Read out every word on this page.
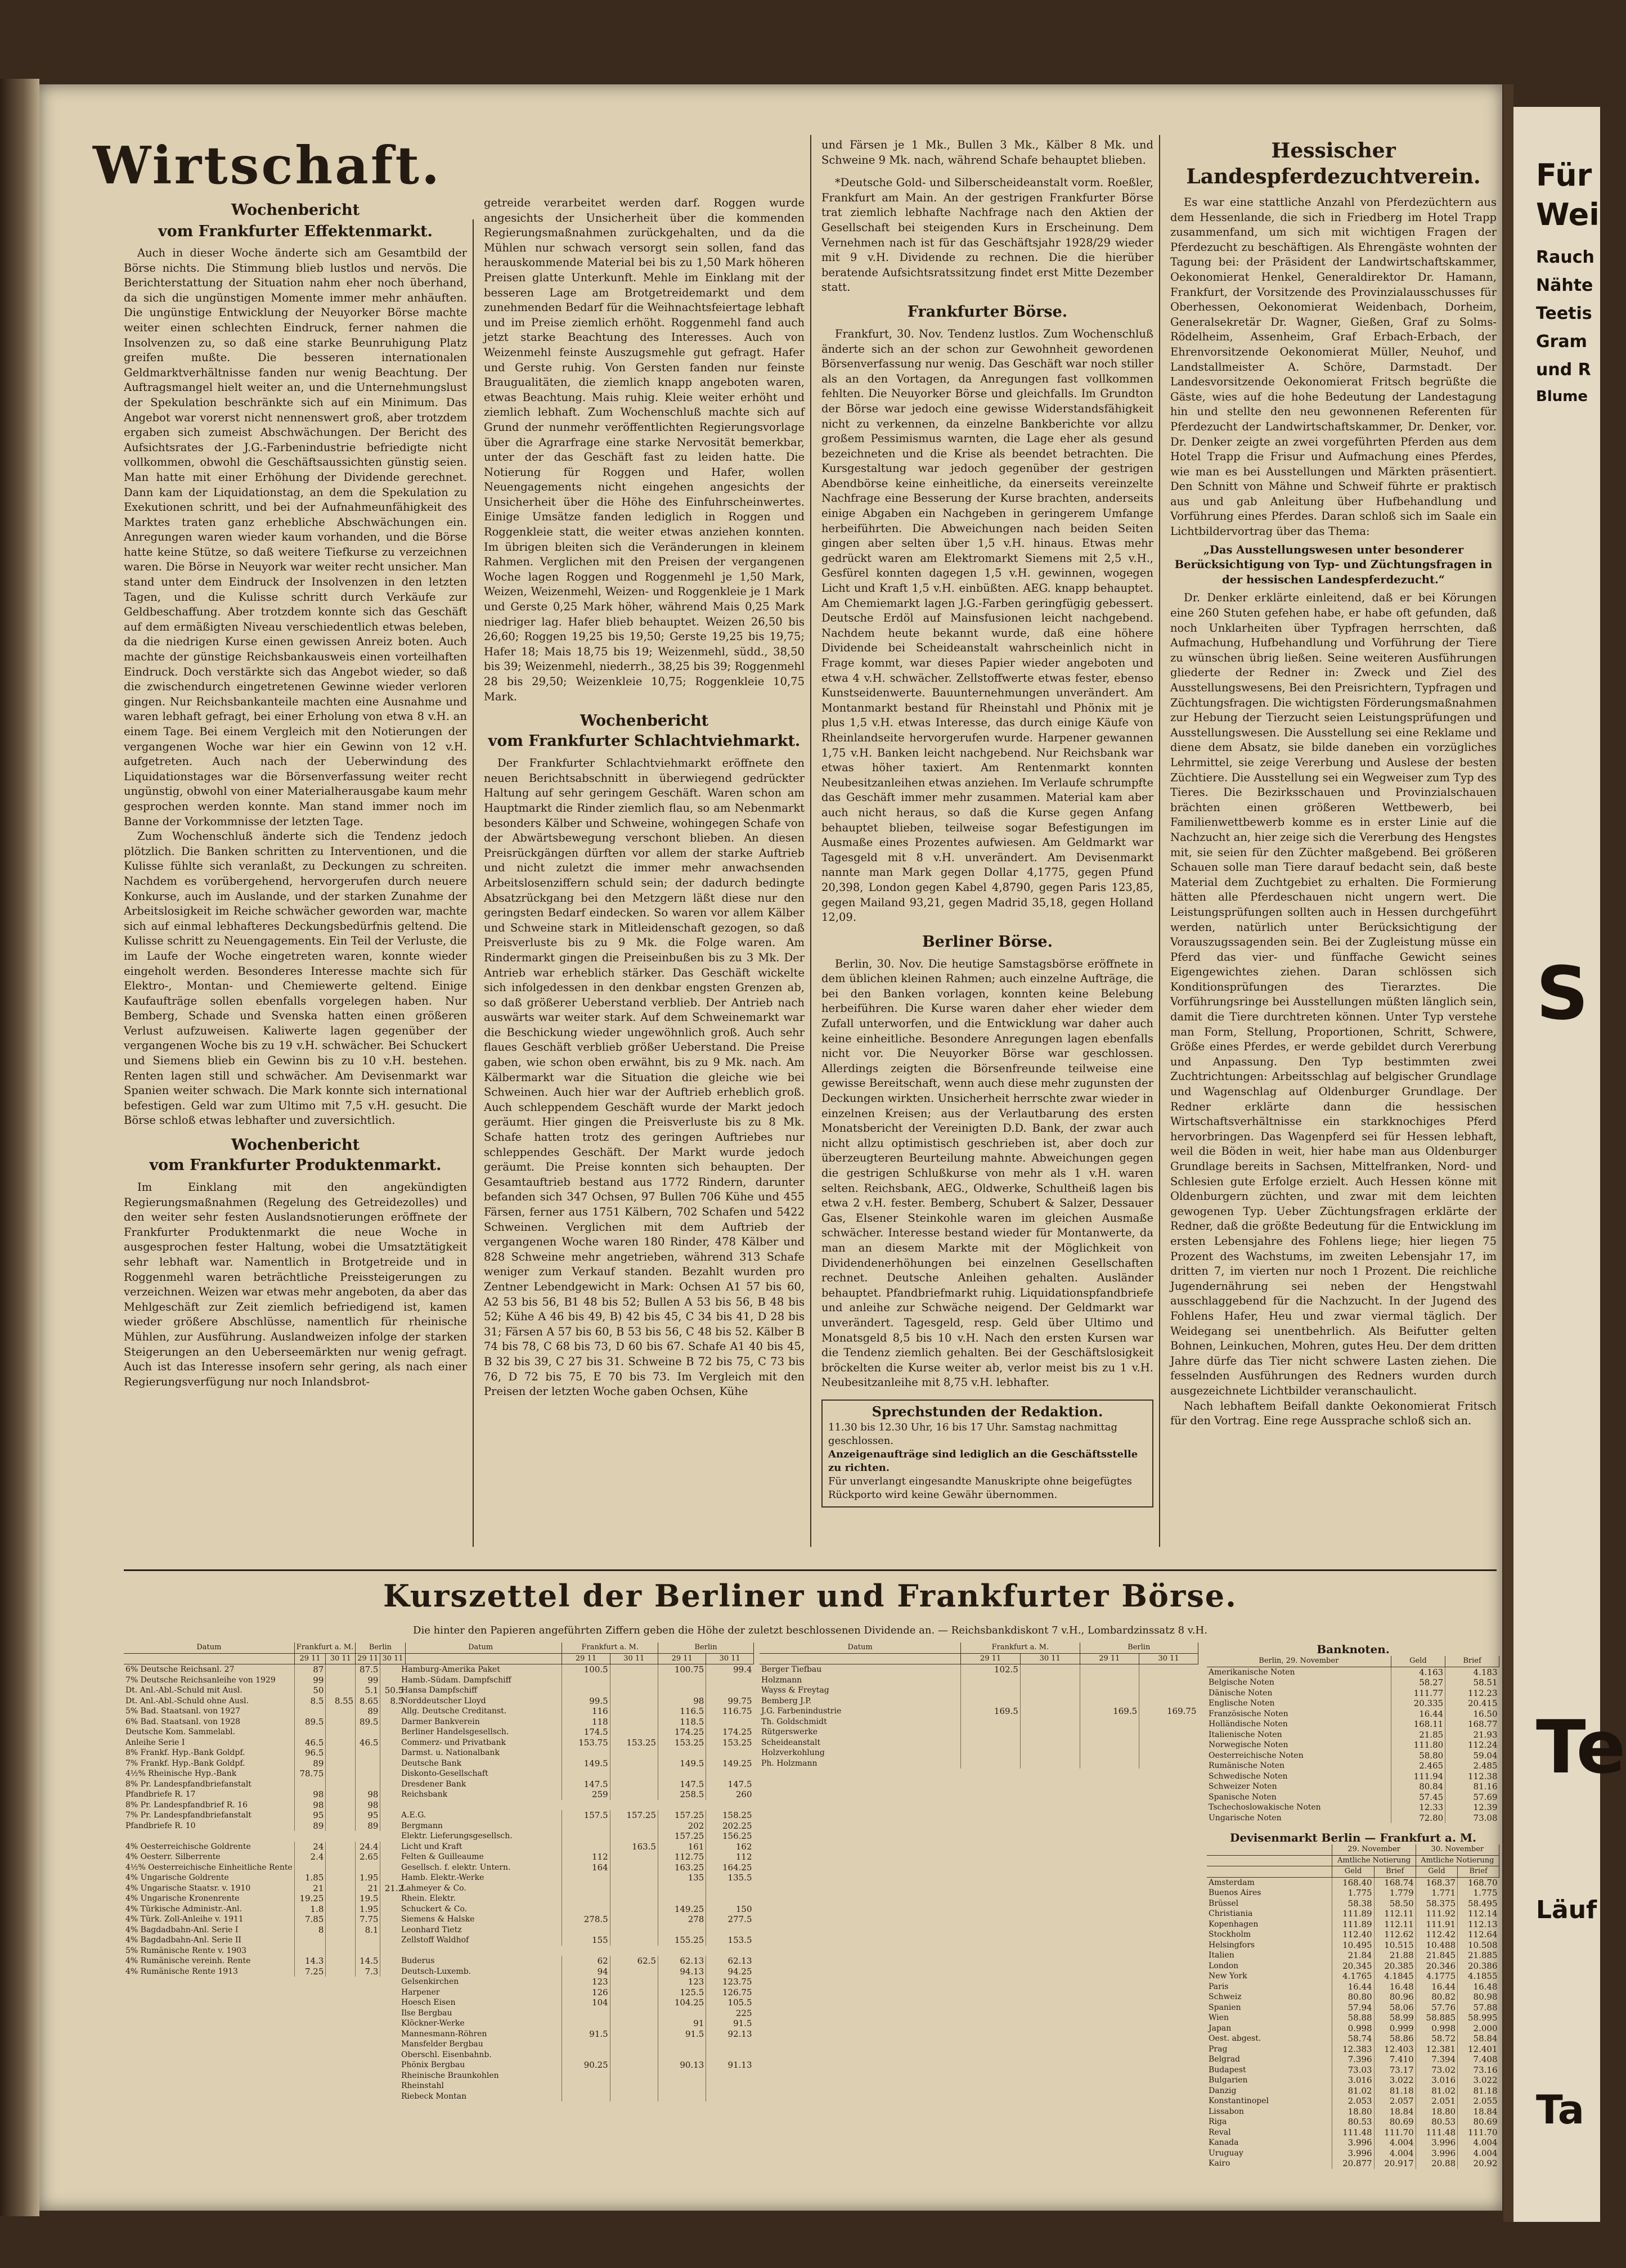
Wirtschaft.
Wochenbericht
vom Frankfurter Effektenmarkt.

Auch in dieser Woche änderte sich am Gesamtbild der Börse nichts. Die Stimmung blieb lustlos und nervös. Die Berichterstattung der Situation nahm eher noch überhand, da sich die ungünstigen Momente immer mehr anhäuften. Die ungünstige Entwicklung der Neuyorker Börse machte weiter einen schlechten Eindruck, ferner nahmen die Insolvenzen zu, so daß eine starke Beunruhigung Platz greifen mußte. Die besseren internationalen Geldmarktverhältnisse fanden nur wenig Beachtung. Der Auftragsmangel hielt weiter an, und die Unternehmungslust der Spekulation beschränkte sich auf ein Minimum. Das Angebot war vorerst nicht nennenswert groß, aber trotzdem ergaben sich zumeist Abschwächungen. Der Bericht des Aufsichtsrates der J.G.-Farbenindustrie befriedigte nicht vollkommen, obwohl die Geschäftsaussichten günstig seien. Man hatte mit einer Erhöhung der Dividende gerechnet. Dann kam der Liquidationstag, an dem die Spekulation zu Exekutionen schritt, und bei der Aufnahmeunfähigkeit des Marktes traten ganz erhebliche Abschwächungen ein. Anregungen waren wieder kaum vorhanden, und die Börse hatte keine Stütze, so daß weitere Tiefkurse zu verzeichnen waren. Die Börse in Neuyork war weiter recht unsicher. Man stand unter dem Eindruck der Insolvenzen in den letzten Tagen, und die Kulisse schritt durch Verkäufe zur Geldbeschaffung. Aber trotzdem konnte sich das Geschäft auf dem ermäßigten Niveau verschiedentlich etwas beleben, da die niedrigen Kurse einen gewissen Anreiz boten. Auch machte der günstige Reichsbankausweis einen vorteilhaften Eindruck. Doch verstärkte sich das Angebot wieder, so daß die zwischendurch eingetretenen Gewinne wieder verloren gingen. Nur Reichsbankanteile machten eine Ausnahme und waren lebhaft gefragt, bei einer Erholung von etwa 8 v.H. an einem Tage. Bei einem Vergleich mit den Notierungen der vergangenen Woche war hier ein Gewinn von 12 v.H. aufgetreten. Auch nach der Ueberwindung des Liquidationstages war die Börsenverfassung weiter recht ungünstig, obwohl von einer Materialherausgabe kaum mehr gesprochen werden konnte. Man stand immer noch im Banne der Vorkommnisse der letzten Tage.

Zum Wochenschluß änderte sich die Tendenz jedoch plötzlich. Die Banken schritten zu Interventionen, und die Kulisse fühlte sich veranlaßt, zu Deckungen zu schreiten. Nachdem es vorübergehend, hervorgerufen durch neuere Konkurse, auch im Auslande, und der starken Zunahme der Arbeitslosigkeit im Reiche schwächer geworden war, machte sich auf einmal lebhafteres Deckungsbedürfnis geltend. Die Kulisse schritt zu Neuengagements. Ein Teil der Verluste, die im Laufe der Woche eingetreten waren, konnte wieder eingeholt werden. Besonderes Interesse machte sich für Elektro-, Montan- und Chemiewerte geltend. Einige Kaufaufträge sollen ebenfalls vorgelegen haben. Nur Bemberg, Schade und Svenska hatten einen größeren Verlust aufzuweisen. Kaliwerte lagen gegenüber der vergangenen Woche bis zu 19 v.H. schwächer. Bei Schuckert und Siemens blieb ein Gewinn bis zu 10 v.H. bestehen. Renten lagen still und schwächer. Am Devisenmarkt war Spanien weiter schwach. Die Mark konnte sich international befestigen. Geld war zum Ultimo mit 7,5 v.H. gesucht. Die Börse schloß etwas lebhafter und zuversichtlich.

Wochenbericht
vom Frankfurter Produktenmarkt.

Im Einklang mit den angekündigten Regierungsmaßnahmen (Regelung des Getreidezolles) und den weiter sehr festen Auslandsnotierungen eröffnete der Frankfurter Produktenmarkt die neue Woche in ausgesprochen fester Haltung, wobei die Umsatztätigkeit sehr lebhaft war. Namentlich in Brotgetreide und in Roggenmehl waren beträchtliche Preissteigerungen zu verzeichnen. Weizen war etwas mehr angeboten, da aber das Mehlgeschäft zur Zeit ziemlich befriedigend ist, kamen wieder größere Abschlüsse, namentlich für rheinische Mühlen, zur Ausführung. Auslandweizen infolge der starken Steigerungen an den Ueberseemärkten nur wenig gefragt. Auch ist das Interesse insofern sehr gering, als nach einer Regierungsverfügung nur noch Inlandsbrot-

getreide verarbeitet werden darf. Roggen wurde angesichts der Unsicherheit über die kommenden Regierungsmaßnahmen zurückgehalten, und da die Mühlen nur schwach versorgt sein sollen, fand das herauskommende Material bei bis zu 1,50 Mark höheren Preisen glatte Unterkunft. Mehle im Einklang mit der besseren Lage am Brotgetreidemarkt und dem zunehmenden Bedarf für die Weihnachtsfeiertage lebhaft und im Preise ziemlich erhöht. Roggenmehl fand auch jetzt starke Beachtung des Interesses. Auch von Weizenmehl feinste Auszugsmehle gut gefragt. Hafer und Gerste ruhig. Von Gersten fanden nur feinste Braugualitäten, die ziemlich knapp angeboten waren, etwas Beachtung. Mais ruhig. Kleie weiter erhöht und ziemlich lebhaft. Zum Wochenschluß machte sich auf Grund der nunmehr veröffentlichten Regierungsvorlage über die Agrarfrage eine starke Nervosität bemerkbar, unter der das Geschäft fast zu leiden hatte. Die Notierung für Roggen und Hafer, wollen Neuengagements nicht eingehen angesichts der Unsicherheit über die Höhe des Einfuhrscheinwertes. Einige Umsätze fanden lediglich in Roggen und Roggenkleie statt, die weiter etwas anziehen konnten. Im übrigen bleiten sich die Veränderungen in kleinem Rahmen. Verglichen mit den Preisen der vergangenen Woche lagen Roggen und Roggenmehl je 1,50 Mark, Weizen, Weizenmehl, Weizen- und Roggenkleie je 1 Mark und Gerste 0,25 Mark höher, während Mais 0,25 Mark niedriger lag. Hafer blieb behauptet. Weizen 26,50 bis 26,60; Roggen 19,25 bis 19,50; Gerste 19,25 bis 19,75; Hafer 18; Mais 18,75 bis 19; Weizenmehl, südd., 38,50 bis 39; Weizenmehl, niederrh., 38,25 bis 39; Roggenmehl 28 bis 29,50; Weizenkleie 10,75; Roggenkleie 10,75 Mark.

Wochenbericht
vom Frankfurter Schlachtviehmarkt.

Der Frankfurter Schlachtviehmarkt eröffnete den neuen Berichtsabschnitt in überwiegend gedrückter Haltung auf sehr geringem Geschäft. Waren schon am Hauptmarkt die Rinder ziemlich flau, so am Nebenmarkt besonders Kälber und Schweine, wohingegen Schafe von der Abwärtsbewegung verschont blieben. An diesen Preisrückgängen dürften vor allem der starke Auftrieb und nicht zuletzt die immer mehr anwachsenden Arbeitslosenziffern schuld sein; der dadurch bedingte Absatzrückgang bei den Metzgern läßt diese nur den geringsten Bedarf eindecken. So waren vor allem Kälber und Schweine stark in Mitleidenschaft gezogen, so daß Preisverluste bis zu 9 Mk. die Folge waren. Am Rindermarkt gingen die Preiseinbußen bis zu 3 Mk. Der Antrieb war erheblich stärker. Das Geschäft wickelte sich infolgedessen in den denkbar engsten Grenzen ab, so daß größerer Ueberstand verblieb. Der Antrieb nach auswärts war weiter stark. Auf dem Schweinemarkt war die Beschickung wieder ungewöhnlich groß. Auch sehr flaues Geschäft verblieb größer Ueberstand. Die Preise gaben, wie schon oben erwähnt, bis zu 9 Mk. nach. Am Kälbermarkt war die Situation die gleiche wie bei Schweinen. Auch hier war der Auftrieb erheblich groß. Auch schleppendem Geschäft wurde der Markt jedoch geräumt. Hier gingen die Preisverluste bis zu 8 Mk. Schafe hatten trotz des geringen Auftriebes nur schleppendes Geschäft. Der Markt wurde jedoch geräumt. Die Preise konnten sich behaupten. Der Gesamtauftrieb bestand aus 1772 Rindern, darunter befanden sich 347 Ochsen, 97 Bullen 706 Kühe und 455 Färsen, ferner aus 1751 Kälbern, 702 Schafen und 5422 Schweinen. Verglichen mit dem Auftrieb der vergangenen Woche waren 180 Rinder, 478 Kälber und 828 Schweine mehr angetrieben, während 313 Schafe weniger zum Verkauf standen. Bezahlt wurden pro Zentner Lebendgewicht in Mark: Ochsen A1 57 bis 60, A2 53 bis 56, B1 48 bis 52; Bullen A 53 bis 56, B 48 bis 52; Kühe A 46 bis 49, B) 42 bis 45, C 34 bis 41, D 28 bis 31; Färsen A 57 bis 60, B 53 bis 56, C 48 bis 52. Kälber B 74 bis 78, C 68 bis 73, D 60 bis 67. Schafe A1 40 bis 45, B 32 bis 39, C 27 bis 31. Schweine B 72 bis 75, C 73 bis 76, D 72 bis 75, E 70 bis 73. Im Vergleich mit den Preisen der letzten Woche gaben Ochsen, Kühe

und Färsen je 1 Mk., Bullen 3 Mk., Kälber 8 Mk. und Schweine 9 Mk. nach, während Schafe behauptet blieben.

*Deutsche Gold- und Silberscheideanstalt vorm. Roeßler, Frankfurt am Main. An der gestrigen Frankfurter Börse trat ziemlich lebhafte Nachfrage nach den Aktien der Gesellschaft bei steigenden Kurs in Erscheinung. Dem Vernehmen nach ist für das Geschäftsjahr 1928/29 wieder mit 9 v.H. Dividende zu rechnen. Die die hierüber beratende Aufsichtsratssitzung findet erst Mitte Dezember statt.

Frankfurter Börse.

Frankfurt, 30. Nov. Tendenz lustlos. Zum Wochenschluß änderte sich an der schon zur Gewohnheit gewordenen Börsenverfassung nur wenig. Das Geschäft war noch stiller als an den Vortagen, da Anregungen fast vollkommen fehlten. Die Neuyorker Börse und gleichfalls. Im Grundton der Börse war jedoch eine gewisse Widerstandsfähigkeit nicht zu verkennen, da einzelne Bankberichte vor allzu großem Pessimismus warnten, die Lage eher als gesund bezeichneten und die Krise als beendet betrachten. Die Kursgestaltung war jedoch gegenüber der gestrigen Abendbörse keine einheitliche, da einerseits vereinzelte Nachfrage eine Besserung der Kurse brachten, anderseits einige Abgaben ein Nachgeben in geringerem Umfange herbeiführten. Die Abweichungen nach beiden Seiten gingen aber selten über 1,5 v.H. hinaus. Etwas mehr gedrückt waren am Elektromarkt Siemens mit 2,5 v.H., Gesfürel konnten dagegen 1,5 v.H. gewinnen, wogegen Licht und Kraft 1,5 v.H. einbüßten. AEG. knapp behauptet. Am Chemiemarkt lagen J.G.-Farben geringfügig gebessert. Deutsche Erdöl auf Mainsfusionen leicht nachgebend. Nachdem heute bekannt wurde, daß eine höhere Dividende bei Scheideanstalt wahrscheinlich nicht in Frage kommt, war dieses Papier wieder angeboten und etwa 4 v.H. schwächer. Zellstoffwerte etwas fester, ebenso Kunstseidenwerte. Bauunternehmungen unverändert. Am Montanmarkt bestand für Rheinstahl und Phönix mit je plus 1,5 v.H. etwas Interesse, das durch einige Käufe von Rheinlandseite hervorgerufen wurde. Harpener gewannen 1,75 v.H. Banken leicht nachgebend. Nur Reichsbank war etwas höher taxiert. Am Rentenmarkt konnten Neubesitzanleihen etwas anziehen. Im Verlaufe schrumpfte das Geschäft immer mehr zusammen. Material kam aber auch nicht heraus, so daß die Kurse gegen Anfang behauptet blieben, teilweise sogar Befestigungen im Ausmaße eines Prozentes aufwiesen. Am Geldmarkt war Tagesgeld mit 8 v.H. unverändert. Am Devisenmarkt nannte man Mark gegen Dollar 4,1775, gegen Pfund 20,398, London gegen Kabel 4,8790, gegen Paris 123,85, gegen Mailand 93,21, gegen Madrid 35,18, gegen Holland 12,09.

Berliner Börse.

Berlin, 30. Nov. Die heutige Samstagsbörse eröffnete in dem üblichen kleinen Rahmen; auch einzelne Aufträge, die bei den Banken vorlagen, konnten keine Belebung herbeiführen. Die Kurse waren daher eher wieder dem Zufall unterworfen, und die Entwicklung war daher auch keine einheitliche. Besondere Anregungen lagen ebenfalls nicht vor. Die Neuyorker Börse war geschlossen. Allerdings zeigten die Börsenfreunde teilweise eine gewisse Bereitschaft, wenn auch diese mehr zugunsten der Deckungen wirkten. Unsicherheit herrschte zwar wieder in einzelnen Kreisen; aus der Verlautbarung des ersten Monatsbericht der Vereinigten D.D. Bank, der zwar auch nicht allzu optimistisch geschrieben ist, aber doch zur überzeugteren Beurteilung mahnte. Abweichungen gegen die gestrigen Schlußkurse von mehr als 1 v.H. waren selten. Reichsbank, AEG., Oldwerke, Schultheiß lagen bis etwa 2 v.H. fester. Bemberg, Schubert & Salzer, Dessauer Gas, Elsener Steinkohle waren im gleichen Ausmaße schwächer. Interesse bestand wieder für Montanwerte, da man an diesem Markte mit der Möglichkeit von Dividendenerhöhungen bei einzelnen Gesellschaften rechnet. Deutsche Anleihen gehalten. Ausländer behauptet. Pfandbriefmarkt ruhig. Liquidationspfandbriefe und anleihe zur Schwäche neigend. Der Geldmarkt war unverändert. Tagesgeld, resp. Geld über Ultimo und Monatsgeld 8,5 bis 10 v.H. Nach den ersten Kursen war die Tendenz ziemlich gehalten. Bei der Geschäftslosigkeit bröckelten die Kurse weiter ab, verlor meist bis zu 1 v.H. Neubesitzanleihe mit 8,75 v.H. lebhafter.

Sprechstunden der Redaktion.
11.30 bis 12.30 Uhr, 16 bis 17 Uhr. Samstag nachmittag geschlossen.
Anzeigenaufträge sind lediglich an die Geschäftsstelle zu richten.
Für unverlangt eingesandte Manuskripte ohne beigefügtes Rückporto wird keine Gewähr übernommen.
Hessischer
Landespferdezuchtverein.

Es war eine stattliche Anzahl von Pferdezüchtern aus dem Hessenlande, die sich in Friedberg im Hotel Trapp zusammenfand, um sich mit wichtigen Fragen der Pferdezucht zu beschäftigen. Als Ehrengäste wohnten der Tagung bei: der Präsident der Landwirtschaftskammer, Oekonomierat Henkel, Generaldirektor Dr. Hamann, Frankfurt, der Vorsitzende des Provinzialausschusses für Oberhessen, Oekonomierat Weidenbach, Dorheim, Generalsekretär Dr. Wagner, Gießen, Graf zu Solms-Rödelheim, Assenheim, Graf Erbach-Erbach, der Ehrenvorsitzende Oekonomierat Müller, Neuhof, und Landstallmeister A. Schöre, Darmstadt. Der Landesvorsitzende Oekonomierat Fritsch begrüßte die Gäste, wies auf die hohe Bedeutung der Landestagung hin und stellte den neu gewonnenen Referenten für Pferdezucht der Landwirtschaftskammer, Dr. Denker, vor. Dr. Denker zeigte an zwei vorgeführten Pferden aus dem Hotel Trapp die Frisur und Aufmachung eines Pferdes, wie man es bei Ausstellungen und Märkten präsentiert. Den Schnitt von Mähne und Schweif führte er praktisch aus und gab Anleitung über Hufbehandlung und Vorführung eines Pferdes. Daran schloß sich im Saale ein Lichtbildervortrag über das Thema:

„Das Ausstellungswesen unter besonderer Berücksichtigung von Typ- und Züchtungsfragen in der hessischen Landespferdezucht.“

Dr. Denker erklärte einleitend, daß er bei Körungen eine 260 Stuten gefehen habe, er habe oft gefunden, daß noch Unklarheiten über Typfragen herrschten, daß Aufmachung, Hufbehandlung und Vorführung der Tiere zu wünschen übrig ließen. Seine weiteren Ausführungen gliederte der Redner in: Zweck und Ziel des Ausstellungswesens, Bei den Preisrichtern, Typfragen und Züchtungsfragen. Die wichtigsten Förderungsmaßnahmen zur Hebung der Tierzucht seien Leistungsprüfungen und Ausstellungswesen. Die Ausstellung sei eine Reklame und diene dem Absatz, sie bilde daneben ein vorzügliches Lehrmittel, sie zeige Vererbung und Auslese der besten Züchtiere. Die Ausstellung sei ein Wegweiser zum Typ des Tieres. Die Bezirksschauen und Provinzialschauen brächten einen größeren Wettbewerb, bei Familienwettbewerb komme es in erster Linie auf die Nachzucht an, hier zeige sich die Vererbung des Hengstes mit, sie seien für den Züchter maßgebend. Bei größeren Schauen solle man Tiere darauf bedacht sein, daß beste Material dem Zuchtgebiet zu erhalten. Die Formierung hätten alle Pferdeschauen nicht ungern wert. Die Leistungsprüfungen sollten auch in Hessen durchgeführt werden, natürlich unter Berücksichtigung der Vorauszugssagenden sein. Bei der Zugleistung müsse ein Pferd das vier- und fünffache Gewicht seines Eigengewichtes ziehen. Daran schlössen sich Konditionsprüfungen des Tierarztes. Die Vorführungsringe bei Ausstellungen müßten länglich sein, damit die Tiere durchtreten können. Unter Typ verstehe man Form, Stellung, Proportionen, Schritt, Schwere, Größe eines Pferdes, er werde gebildet durch Vererbung und Anpassung. Den Typ bestimmten zwei Zuchtrichtungen: Arbeitsschlag auf belgischer Grundlage und Wagenschlag auf Oldenburger Grundlage. Der Redner erklärte dann die hessischen Wirtschaftsverhältnisse ein starkknochiges Pferd hervorbringen. Das Wagenpferd sei für Hessen lebhaft, weil die Böden in weit, hier habe man aus Oldenburger Grundlage bereits in Sachsen, Mittelfranken, Nord- und Schlesien gute Erfolge erzielt. Auch Hessen könne mit Oldenburgern züchten, und zwar mit dem leichten gewogenen Typ. Ueber Züchtungsfragen erklärte der Redner, daß die größte Bedeutung für die Entwicklung im ersten Lebensjahre des Fohlens liege; hier liegen 75 Prozent des Wachstums, im zweiten Lebensjahr 17, im dritten 7, im vierten nur noch 1 Prozent. Die reichliche Jugendernährung sei neben der Hengstwahl ausschlaggebend für die Nachzucht. In der Jugend des Fohlens Hafer, Heu und zwar viermal täglich. Der Weidegang sei unentbehrlich. Als Beifutter gelten Bohnen, Leinkuchen, Mohren, gutes Heu. Der dem dritten Jahre dürfe das Tier nicht schwere Lasten ziehen. Die fesselnden Ausführungen des Redners wurden durch ausgezeichnete Lichtbilder veranschaulicht.

Nach lebhaftem Beifall dankte Oekonomierat Fritsch für den Vortrag. Eine rege Aussprache schloß sich an.

Kurszettel der Berliner und Frankfurter Börse.
Die hinter den Papieren angeführten Ziffern geben die Höhe der zuletzt beschlossenen Dividende an. — Reichsbankdiskont 7 v.H., Lombardzinssatz 8 v.H.
Datum	Frankfurt a. M.		Berlin	
	29 11	30 11	29 11	30 11
6% Deutsche Reichsanl. 27	87		87.5	
7% Deutsche Reichsanleihe von 1929	99		99	
Dt. Anl.-Abl.-Schuld mit Ausl.	50		5.1	50.5
Dt. Anl.-Abl.-Schuld ohne Ausl.	8.5	8.55	8.65	8.5
5% Bad. Staatsanl. von 1927			89	
6% Bad. Staatsanl. von 1928	89.5		89.5	
Deutsche Kom. Sammelabl.				
Anleihe Serie I	46.5		46.5	
8% Frankf. Hyp.-Bank Goldpf.	96.5			
7% Frankf. Hyp.-Bank Goldpf.	89			
4½% Rheinische Hyp.-Bank	78.75			
8% Pr. Landespfandbriefanstalt				
Pfandbriefe R. 17	98		98	
8% Pr. Landespfandbrief R. 16	98		98	
7% Pr. Landespfandbriefanstalt	95		95	
Pfandbriefe R. 10	89		89	

4% Oesterreichische Goldrente	24		24.4	
4% Oesterr. Silberrente	2.4		2.65	
4½% Oesterreichische Einheitliche Rente				
4% Ungarische Goldrente	1.85		1.95	
4% Ungarische Staatsr. v. 1910	21		21	21.2
4% Ungarische Kronenrente	19.25		19.5	
4% Türkische Administr.-Anl.	1.8		1.95	
4% Türk. Zoll-Anleihe v. 1911	7.85		7.75	
4% Bagdadbahn-Anl. Serie I	8		8.1	
4% Bagdadbahn-Anl. Serie II				
5% Rumänische Rente v. 1903				
4% Rumänische vereinh. Rente	14.3		14.5	
4% Rumänische Rente 1913	7.25		7.3	

Datum	Frankfurt a. M.		Berlin	
	29 11	30 11	29 11	30 11
Hamburg-Amerika Paket	100.5		100.75	99.4
Hamb.-Südam. Dampfschiff				
Hansa Dampfschiff				
Norddeutscher Lloyd	99.5		98	99.75
Allg. Deutsche Creditanst.	116		116.5	116.75
Darmer Bankverein	118		118.5	
Berliner Handelsgesellsch.	174.5		174.25	174.25
Commerz- und Privatbank	153.75	153.25	153.25	153.25
Darmst. u. Nationalbank				
Deutsche Bank	149.5		149.5	149.25
Diskonto-Gesellschaft				
Dresdener Bank	147.5		147.5	147.5
Reichsbank	259		258.5	260

A.E.G.	157.5	157.25	157.25	158.25
Bergmann			202	202.25
Elektr. Lieferungsgesellsch.			157.25	156.25
Licht und Kraft		163.5	161	162
Felten & Guilleaume	112		112.75	112
Gesellsch. f. elektr. Untern.	164		163.25	164.25
Hamb. Elektr.-Werke			135	135.5
Lahmeyer & Co.				
Rhein. Elektr.				
Schuckert & Co.			149.25	150
Siemens & Halske	278.5		278	277.5
Leonhard Tietz				
Zellstoff Waldhof	155		155.25	153.5

Buderus	62	62.5	62.13	62.13
Deutsch-Luxemb.	94		94.13	94.25
Gelsenkirchen	123		123	123.75
Harpener	126		125.5	126.75
Hoesch Eisen	104		104.25	105.5
Ilse Bergbau				225
Klöckner-Werke			91	91.5
Mannesmann-Röhren	91.5		91.5	92.13
Mansfelder Bergbau				
Oberschl. Eisenbahnb.				
Phönix Bergbau	90.25		90.13	91.13
Rheinische Braunkohlen				
Rheinstahl				
Riebeck Montan				

Datum	Frankfurt a. M.		Berlin	
	29 11	30 11	29 11	30 11
Berger Tiefbau	102.5			
Holzmann				
Wayss & Freytag				
Bemberg J.P.				
J.G. Farbenindustrie	169.5		169.5	169.75
Th. Goldschmidt				
Rütgerswerke				
Scheideanstalt				
Holzverkohlung				
Ph. Holzmann				

Banknoten.
Berlin, 29. November	Geld	Brief
Amerikanische Noten	4.163	4.183
Belgische Noten	58.27	58.51
Dänische Noten	111.77	112.23
Englische Noten	20.335	20.415
Französische Noten	16.44	16.50
Holländische Noten	168.11	168.77
Italienische Noten	21.85	21.93
Norwegische Noten	111.80	112.24
Oesterreichische Noten	58.80	59.04
Rumänische Noten	2.465	2.485
Schwedische Noten	111.94	112.38
Schweizer Noten	80.84	81.16
Spanische Noten	57.45	57.69
Tschechoslowakische Noten	12.33	12.39
Ungarische Noten	72.80	73.08
Devisenmarkt Berlin — Frankfurt a. M.
	29. November		30. November	
	Amtliche Notierung		Amtliche Notierung	
	Geld	Brief	Geld	Brief
Amsterdam	168.40	168.74	168.37	168.70
Buenos Aires	1.775	1.779	1.771	1.775
Brüssel	58.38	58.50	58.375	58.495
Christiania	111.89	112.11	111.92	112.14
Kopenhagen	111.89	112.11	111.91	112.13
Stockholm	112.40	112.62	112.42	112.64
Helsingfors	10.495	10.515	10.488	10.508
Italien	21.84	21.88	21.845	21.885
London	20.345	20.385	20.346	20.386
New York	4.1765	4.1845	4.1775	4.1855
Paris	16.44	16.48	16.44	16.48
Schweiz	80.80	80.96	80.82	80.98
Spanien	57.94	58.06	57.76	57.88
Wien	58.88	58.99	58.885	58.995
Japan	0.998	0.999	0.998	2.000
Oest. abgest.	58.74	58.86	58.72	58.84
Prag	12.383	12.403	12.381	12.401
Belgrad	7.396	7.410	7.394	7.408
Budapest	73.03	73.17	73.02	73.16
Bulgarien	3.016	3.022	3.016	3.022
Danzig	81.02	81.18	81.02	81.18
Konstantinopel	2.053	2.057	2.051	2.055
Lissabon	18.80	18.84	18.80	18.84
Riga	80.53	80.69	80.53	80.69
Reval	111.48	111.70	111.48	111.70
Kanada	3.996	4.004	3.996	4.004
Uruguay	3.996	4.004	3.996	4.004
Kairo	20.877	20.917	20.88	20.92
Für
Wei
Rauch
Nähte
Teetis
Gram
und R
Blume
S
Te
Läuf
Ta
